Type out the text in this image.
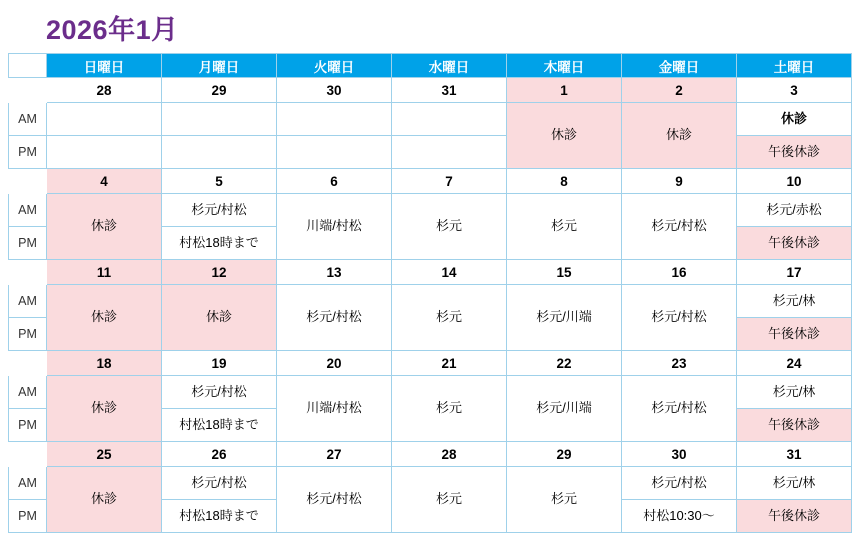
2026年1月
	日曜日	月曜日	火曜日	水曜日	木曜日	金曜日	土曜日
	28	29	30	31	1	2	3
AM					休診	休診	休診
PM							午後休診
	4	5	6	7	8	9	10
AM	休診	杉元/村松	川端/村松	杉元	杉元	杉元/村松	杉元/赤松
PM		村松18時まで					午後休診
	11	12	13	14	15	16	17
AM	休診	休診	杉元/村松	杉元	杉元/川端	杉元/村松	杉元/林
PM							午後休診
	18	19	20	21	22	23	24
AM	休診	杉元/村松	川端/村松	杉元	杉元/川端	杉元/村松	杉元/林
PM		村松18時まで					午後休診
	25	26	27	28	29	30	31
AM	休診	杉元/村松	杉元/村松	杉元	杉元	杉元/村松	杉元/林
PM		村松18時まで				村松10:30〜	午後休診
